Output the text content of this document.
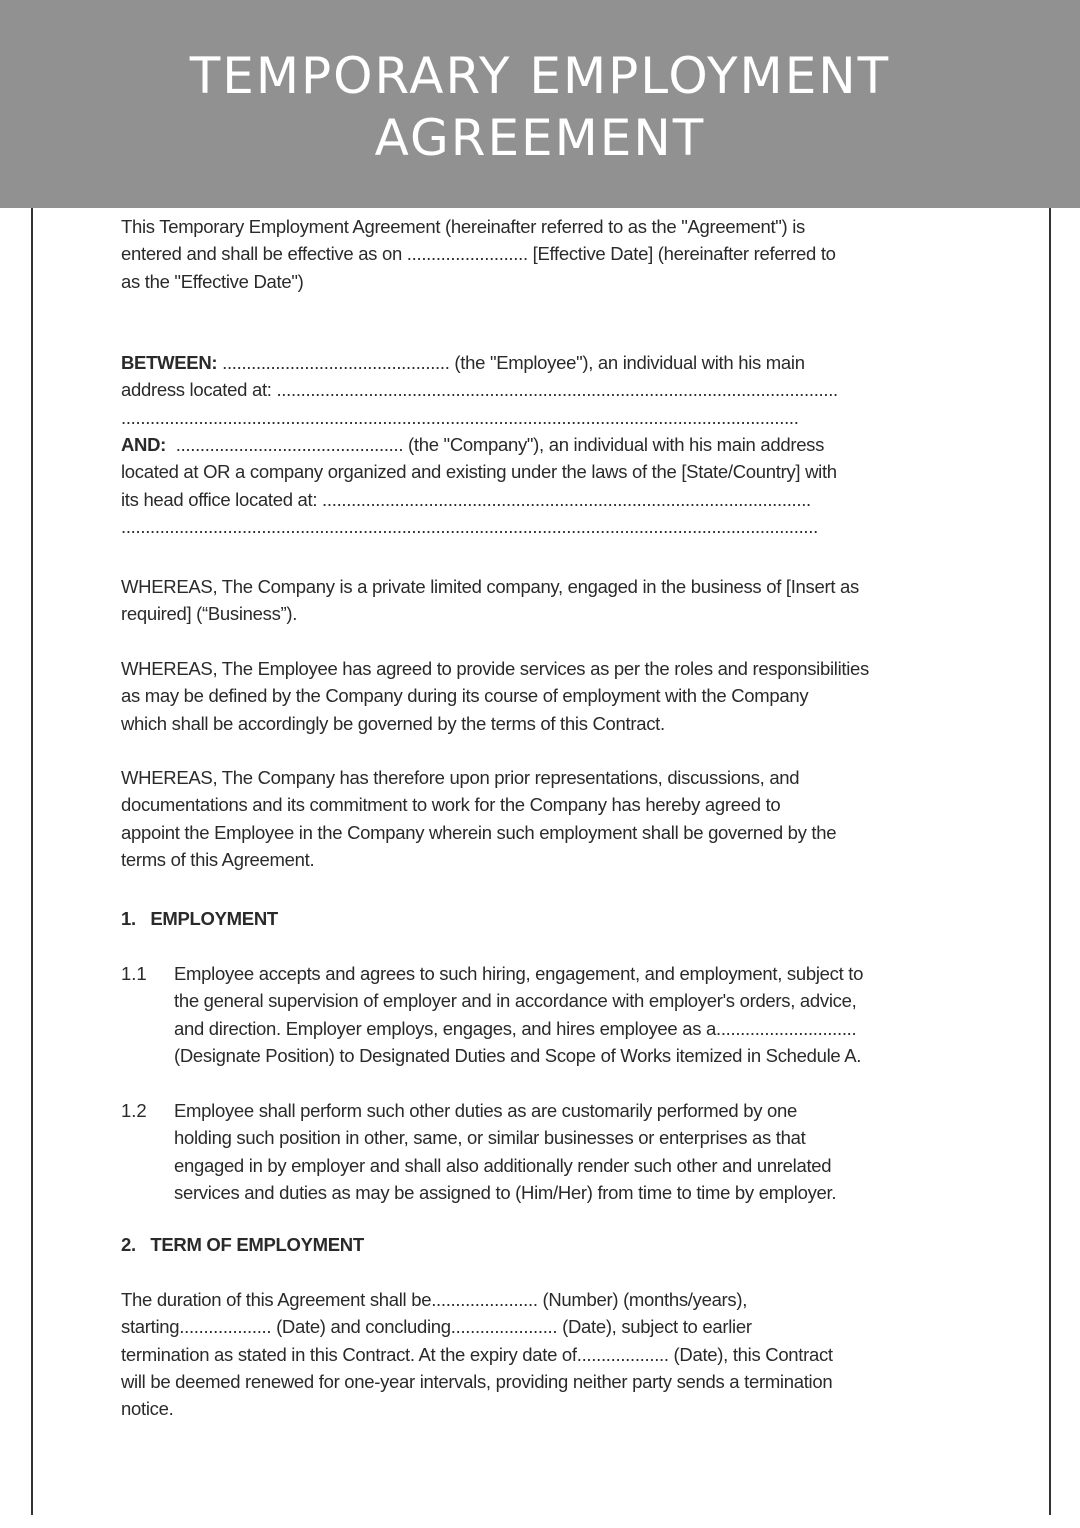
TEMPORARY EMPLOYMENT
AGREEMENT
This Temporary Employment Agreement (hereinafter referred to as the "Agreement") is
entered and shall be effective as on ......................... [Effective Date] (hereinafter referred to
as the "Effective Date")
BETWEEN: ............................................... (the "Employee"), an individual with his main
address located at: ....................................................................................................................
............................................................................................................................................
AND:  ............................................... (the "Company"), an individual with his main address
located at OR a company organized and existing under the laws of the [State/Country] with
its head office located at: .....................................................................................................
................................................................................................................................................
WHEREAS, The Company is a private limited company, engaged in the business of [Insert as
required] (“Business”).
WHEREAS, The Employee has agreed to provide services as per the roles and responsibilities
as may be defined by the Company during its course of employment with the Company
which shall be accordingly be governed by the terms of this Contract.
WHEREAS, The Company has therefore upon prior representations, discussions, and
documentations and its commitment to work for the Company has hereby agreed to
appoint the Employee in the Company wherein such employment shall be governed by the
terms of this Agreement.
1.   EMPLOYMENT
1.1 Employee accepts and agrees to such hiring, engagement, and employment, subject to
the general supervision of employer and in accordance with employer's orders, advice,
and direction. Employer employs, engages, and hires employee as a.............................
(Designate Position) to Designated Duties and Scope of Works itemized in Schedule A.
1.2 Employee shall perform such other duties as are customarily performed by one
holding such position in other, same, or similar businesses or enterprises as that
engaged in by employer and shall also additionally render such other and unrelated
services and duties as may be assigned to (Him/Her) from time to time by employer.
2.   TERM OF EMPLOYMENT
The duration of this Agreement shall be...................... (Number) (months/years),
starting................... (Date) and concluding...................... (Date), subject to earlier
termination as stated in this Contract. At the expiry date of................... (Date), this Contract
will be deemed renewed for one-year intervals, providing neither party sends a termination
notice.
